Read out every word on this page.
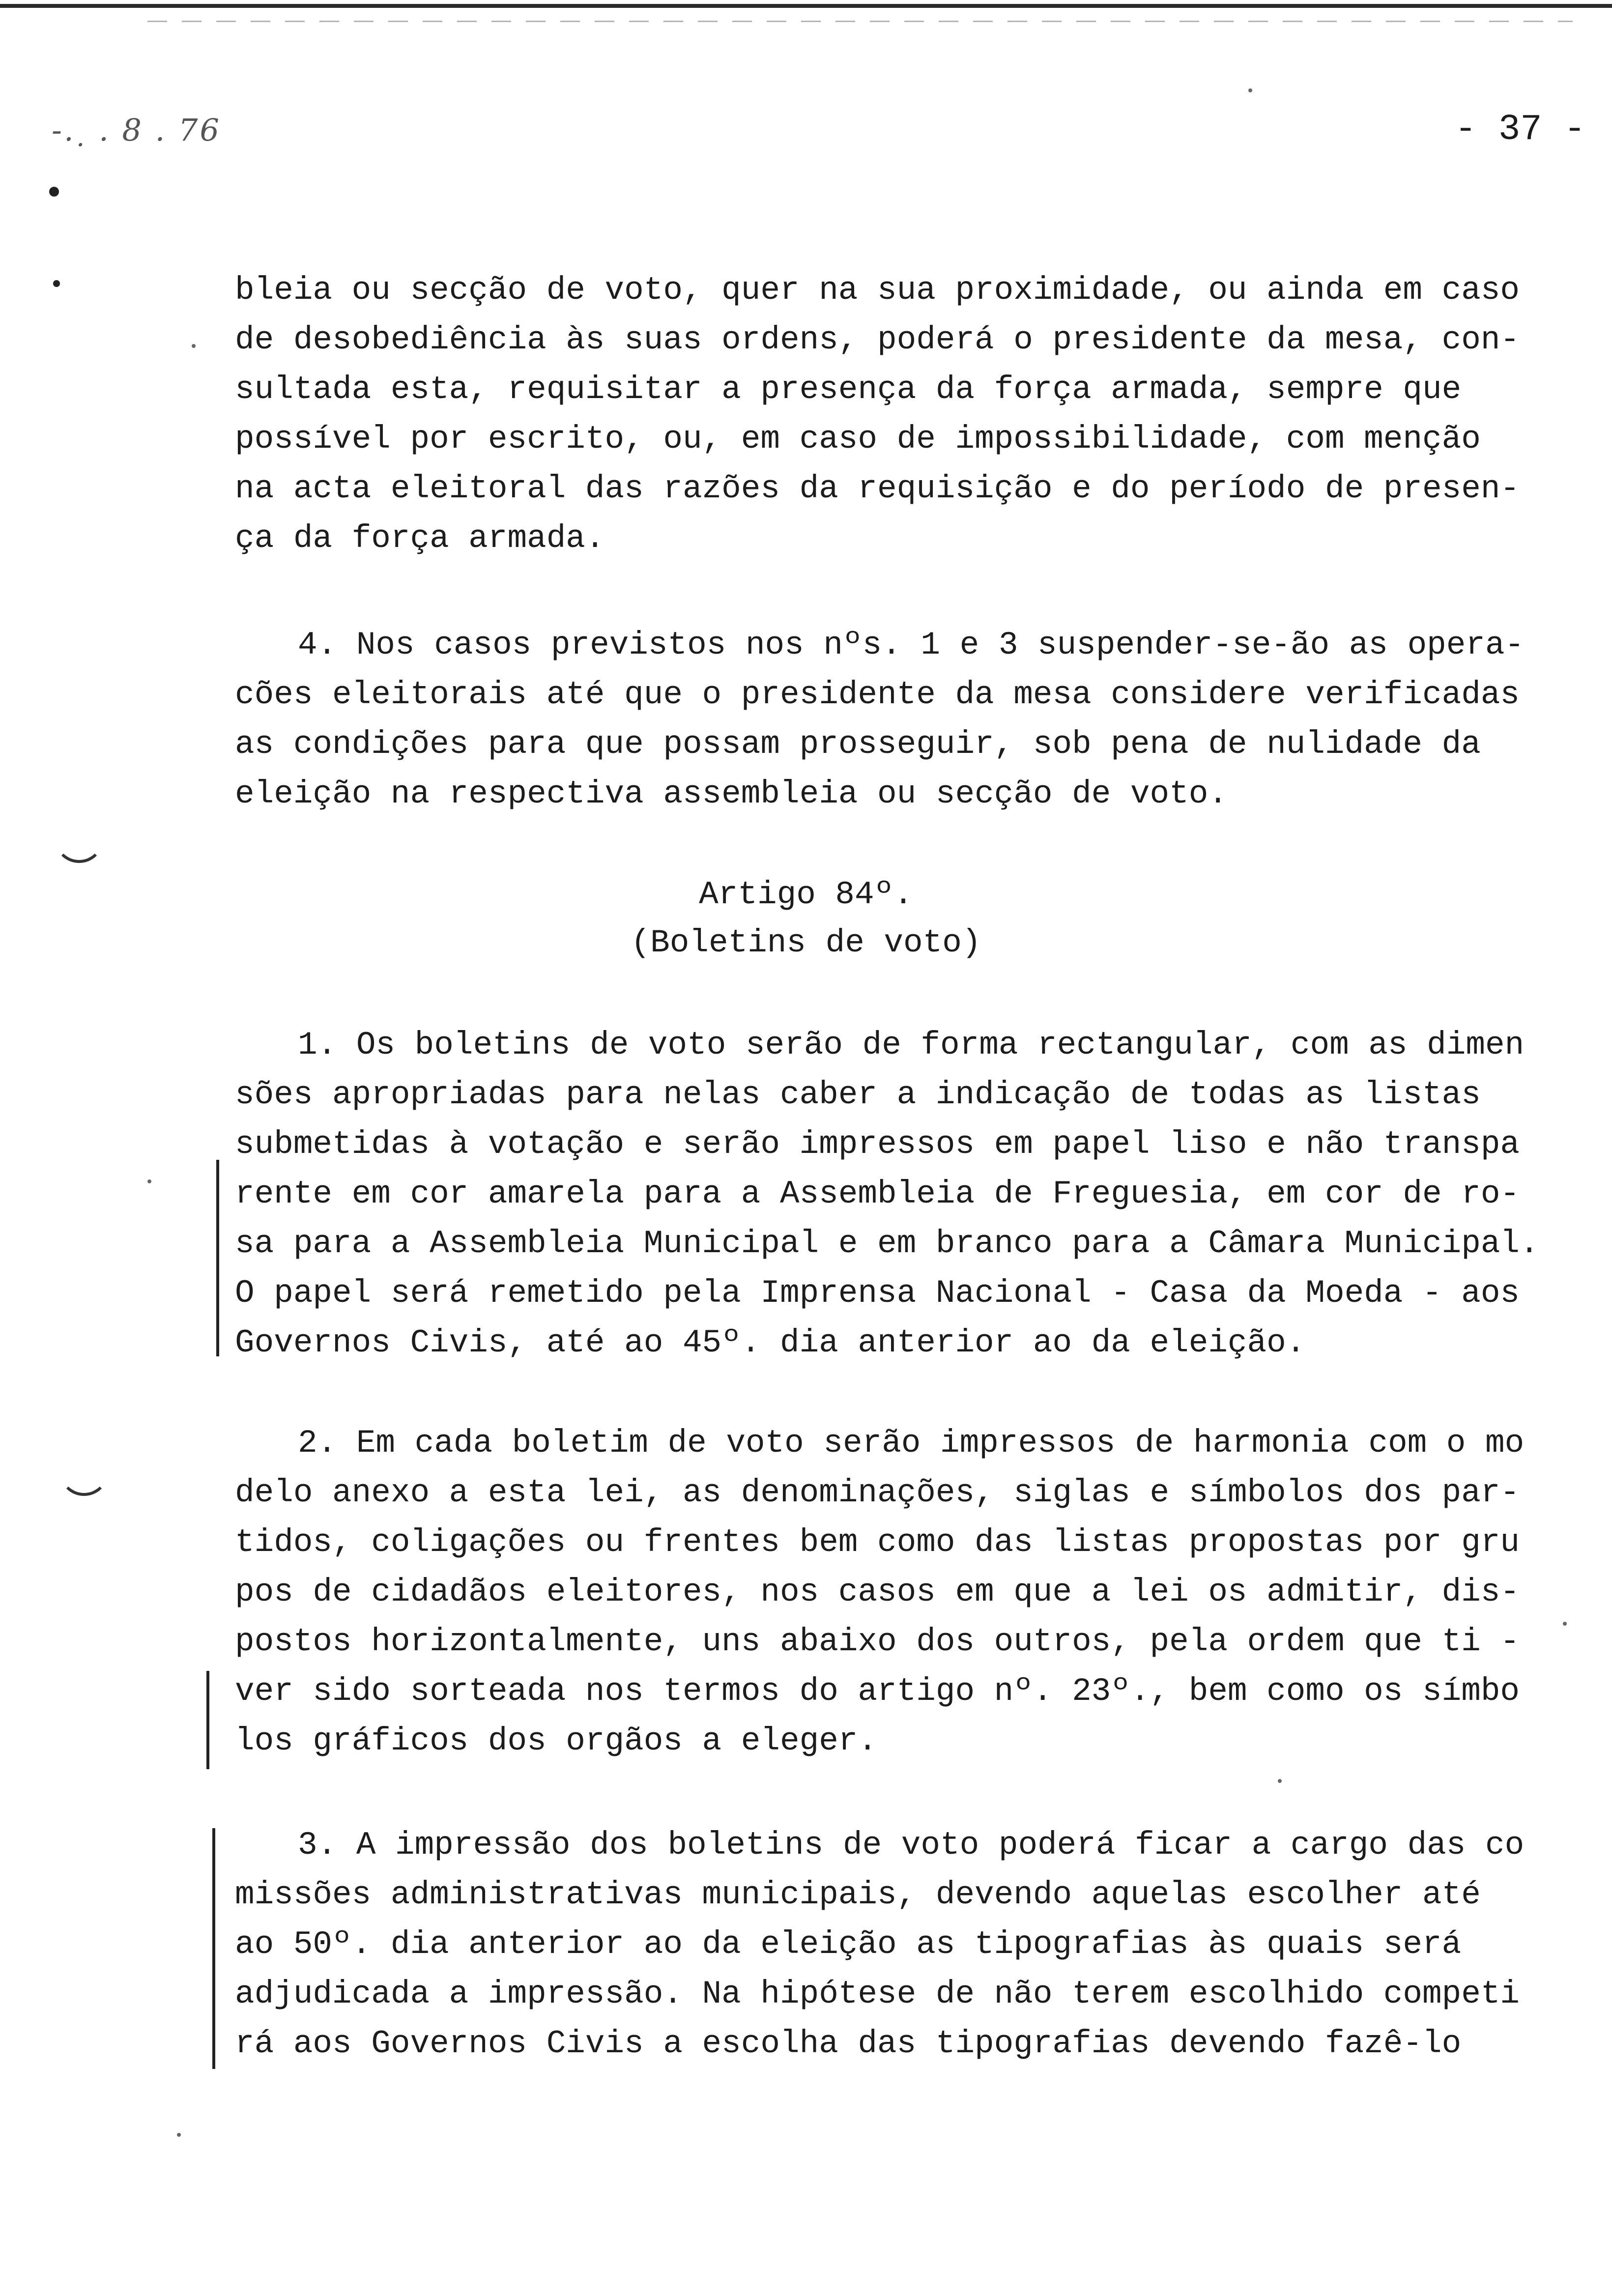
-. ̣ . 8 . 76	- 37 -
bleia ou secção de voto, quer na sua proximidade, ou ainda em caso
de desobediência às suas ordens, poderá o presidente da mesa, con-
sultada esta, requisitar a presença da força armada, sempre que
possível por escrito, ou, em caso de impossibilidade, com menção
na acta eleitoral das razões da requisição e do período de presen-
ça da força armada.
4. Nos casos previstos nos nºs. 1 e 3 suspender-se-ão as opera-
cões eleitorais até que o presidente da mesa considere verificadas
as condições para que possam prosseguir, sob pena de nulidade da
eleição na respectiva assembleia ou secção de voto.
Artigo 84º.
(Boletins de voto)
1. Os boletins de voto serão de forma rectangular, com as dimen
sões apropriadas para nelas caber a indicação de todas as listas
submetidas à votação e serão impressos em papel liso e não transpa
rente em cor amarela para a Assembleia de Freguesia, em cor de ro-
sa para a Assembleia Municipal e em branco para a Câmara Municipal.
O papel será remetido pela Imprensa Nacional - Casa da Moeda - aos
Governos Civis, até ao 45º. dia anterior ao da eleição.
2. Em cada boletim de voto serão impressos de harmonia com o mo
delo anexo a esta lei, as denominações, siglas e símbolos dos par-
tidos, coligações ou frentes bem como das listas propostas por gru
pos de cidadãos eleitores, nos casos em que a lei os admitir, dis-
postos horizontalmente, uns abaixo dos outros, pela ordem que ti -
ver sido sorteada nos termos do artigo nº. 23º., bem como os símbo
los gráficos dos orgãos a eleger.
3. A impressão dos boletins de voto poderá ficar a cargo das co
missões administrativas municipais, devendo aquelas escolher até
ao 50º. dia anterior ao da eleição as tipografias às quais será
adjudicada a impressão. Na hipótese de não terem escolhido competi
rá aos Governos Civis a escolha das tipografias devendo fazê-lo
